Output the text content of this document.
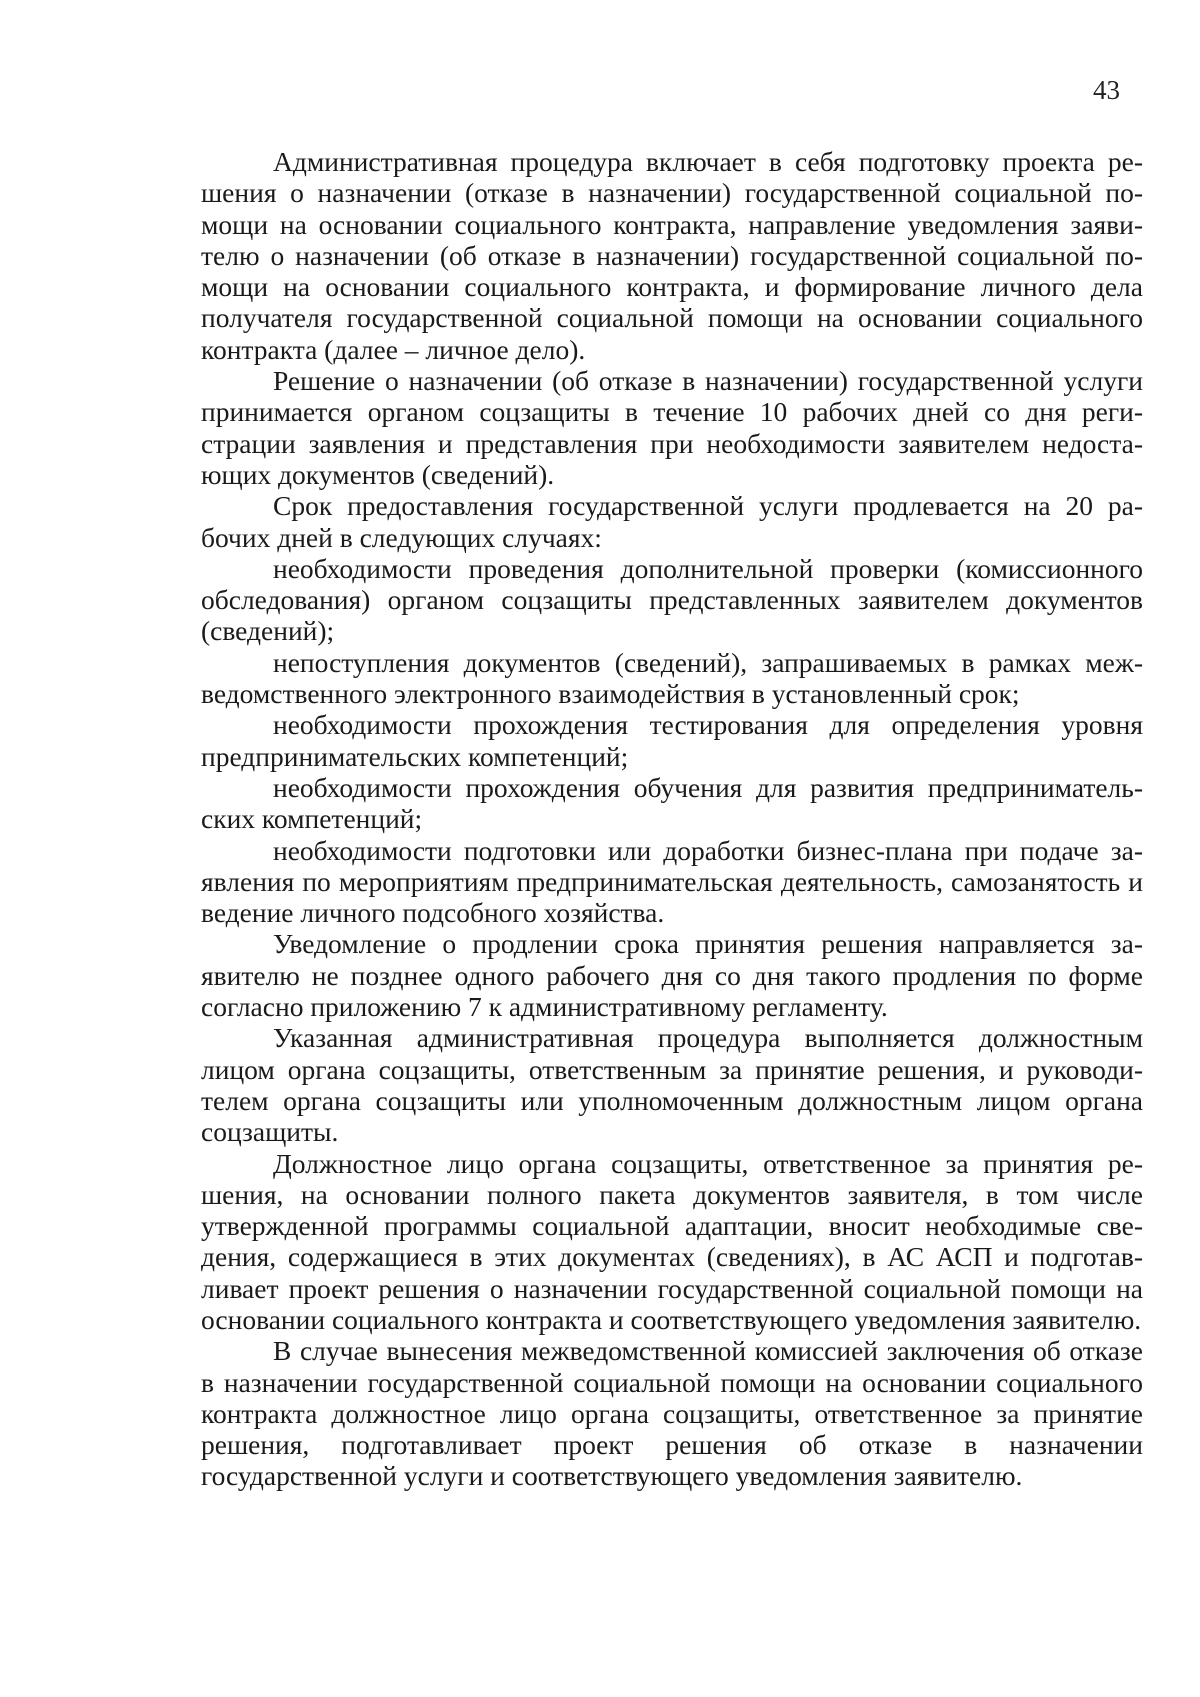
43

Административная процедура включает в себя подготовку проекта решения о назначении (отказе в назначении) государственной социальной помощи на основании социального контракта, направление уведомления заявителю о назначении (об отказе в назначении) государственной социальной помощи на основании социального контракта, и формирование личного дела получателя государственной социальной помощи на основании социального контракта (далее – личное дело).

Решение о назначении (об отказе в назначении) государственной услуги принимается органом соцзащиты в течение 10 рабочих дней со дня регистрации заявления и представления при необходимости заявителем недостающих документов (сведений).

Срок предоставления государственной услуги продлевается на 20 рабочих дней в следующих случаях:

необходимости проведения дополнительной проверки (комиссионного обследования) органом соцзащиты представленных заявителем документов (сведений);

непоступления документов (сведений), запрашиваемых в рамках межведомственного электронного взаимодействия в установленный срок;

необходимости прохождения тестирования для определения уровня предпринимательских компетенций;

необходимости прохождения обучения для развития предпринимательских компетенций;

необходимости подготовки или доработки бизнес-плана при подаче заявления по мероприятиям предпринимательская деятельность, самозанятость и ведение личного подсобного хозяйства.

Уведомление о продлении срока принятия решения направляется заявителю не позднее одного рабочего дня со дня такого продления по форме согласно приложению 7 к административному регламенту.

Указанная административная процедура выполняется должностным лицом органа соцзащиты, ответственным за принятие решения, и руководителем органа соцзащиты или уполномоченным должностным лицом органа соцзащиты.

Должностное лицо органа соцзащиты, ответственное за принятия решения, на основании полного пакета документов заявителя, в том числе утвержденной программы социальной адаптации, вносит необходимые сведения, содержащиеся в этих документах (сведениях), в АС АСП и подготавливает проект решения о назначении государственной социальной помощи на основании социального контракта и соответствующего уведомления заявителю.

В случае вынесения межведомственной комиссией заключения об отказе в назначении государственной социальной помощи на основании социального контракта должностное лицо органа соцзащиты, ответственное за принятие решения, подготавливает проект решения об отказе в назначении государственной услуги и соответствующего уведомления заявителю.
